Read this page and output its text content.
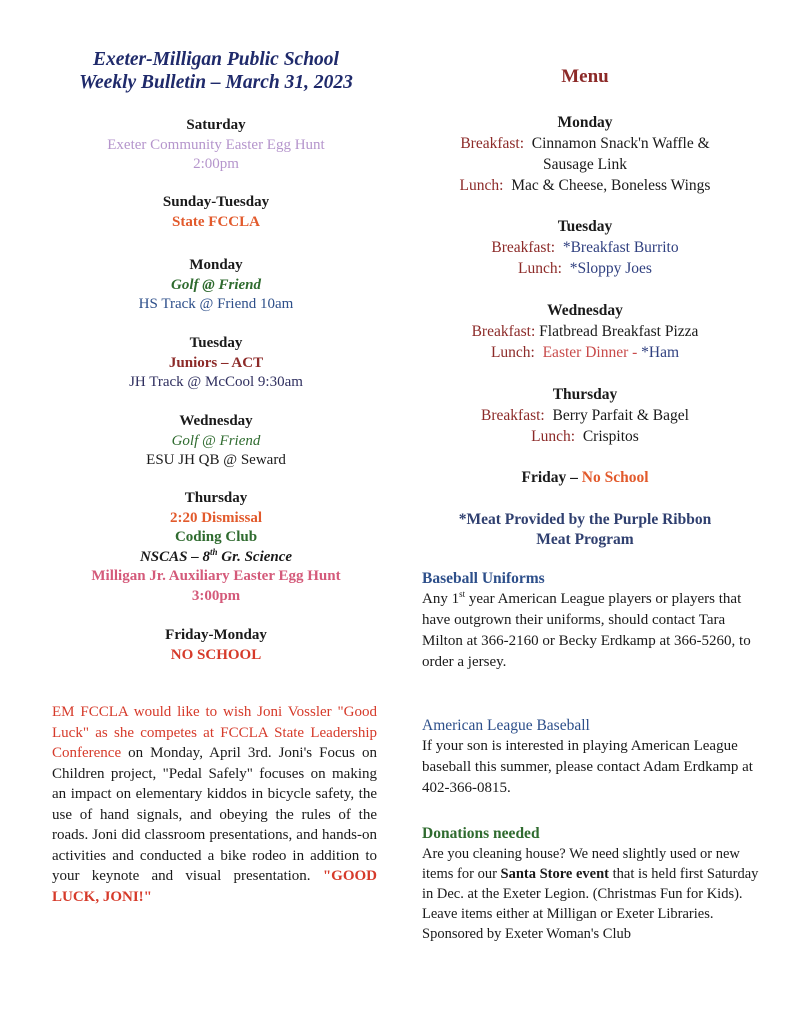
Exeter-Milligan Public School
Weekly Bulletin – March 31, 2023
Saturday
Exeter Community Easter Egg Hunt
2:00pm
Sunday-Tuesday
State FCCLA
Monday
Golf @ Friend
HS Track @ Friend 10am
Tuesday
Juniors – ACT
JH Track @ McCool 9:30am
Wednesday
Golf @ Friend
ESU JH QB @ Seward
Thursday
2:20 Dismissal
Coding Club
NSCAS – 8th Gr. Science
Milligan Jr. Auxiliary Easter Egg Hunt
3:00pm
Friday-Monday
NO SCHOOL
EM FCCLA would like to wish Joni Vossler "Good Luck" as she competes at FCCLA State Leadership Conference on Monday, April 3rd. Joni's Focus on Children project, "Pedal Safely" focuses on making an impact on elementary kiddos in bicycle safety, the use of hand signals, and obeying the rules of the roads. Joni did classroom presentations, and hands-on activities and conducted a bike rodeo in addition to your keynote and visual presentation. "GOOD LUCK, JONI!"
Menu
Monday
Breakfast: Cinnamon Snack'n Waffle &
Sausage Link
Lunch: Mac & Cheese, Boneless Wings
Tuesday
Breakfast: *Breakfast Burrito
Lunch: *Sloppy Joes
Wednesday
Breakfast: Flatbread Breakfast Pizza
Lunch: Easter Dinner - *Ham
Thursday
Breakfast: Berry Parfait & Bagel
Lunch: Crispitos
Friday – No School
*Meat Provided by the Purple Ribbon
Meat Program
Baseball Uniforms
Any 1st year American League players or players that have outgrown their uniforms, should contact Tara Milton at 366-2160 or Becky Erdkamp at 366-5260, to order a jersey.
American League Baseball
If your son is interested in playing American League baseball this summer, please contact Adam Erdkamp at 402-366-0815.
Donations needed
Are you cleaning house? We need slightly used or new items for our Santa Store event that is held first Saturday in Dec. at the Exeter Legion. (Christmas Fun for Kids). Leave items either at Milligan or Exeter Libraries. Sponsored by Exeter Woman's Club
